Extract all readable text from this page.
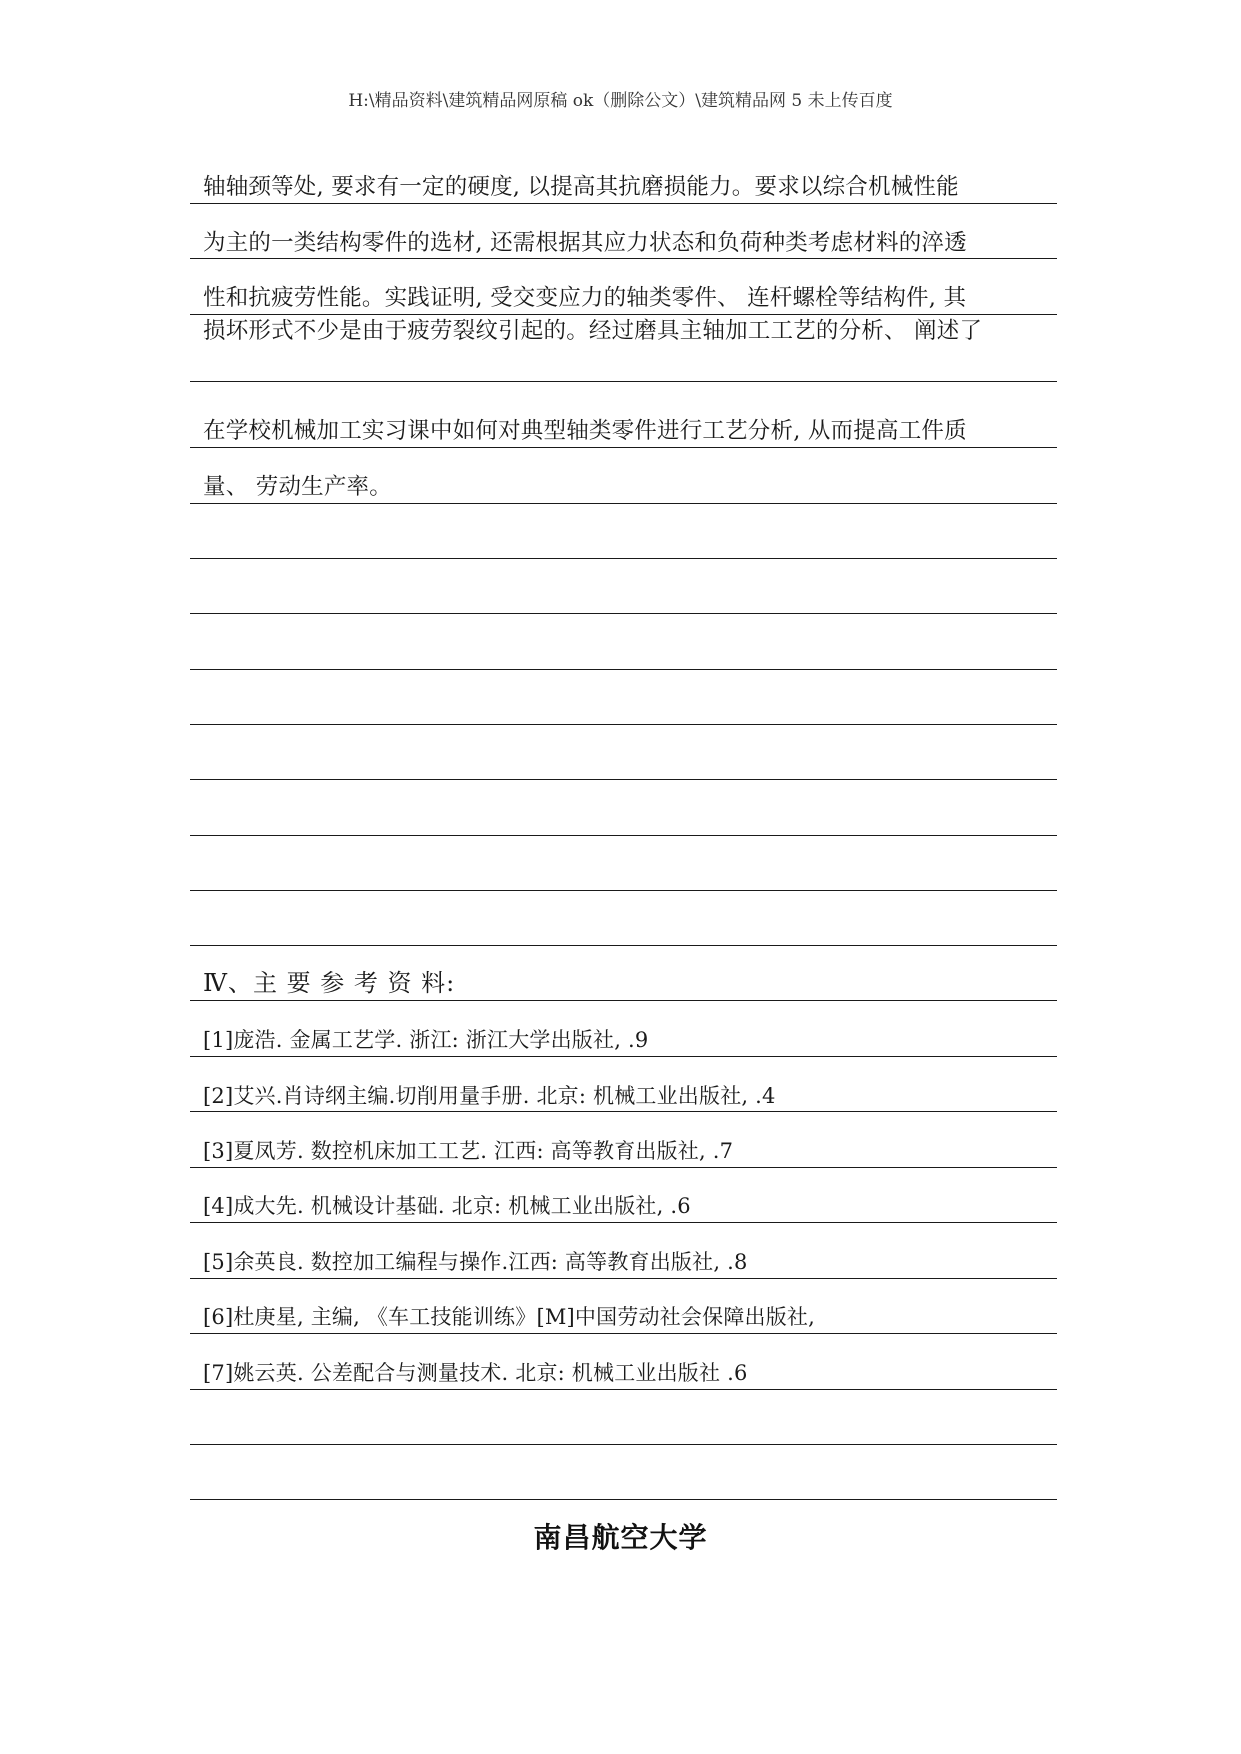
H:\精品资料\建筑精品网原稿 ok（删除公文）\建筑精品网 5 未上传百度
轴轴颈等处, 要求有一定的硬度, 以提高其抗磨损能力。要求以综合机械性能
为主的一类结构零件的选材, 还需根据其应力状态和负荷种类考虑材料的淬透
性和抗疲劳性能。实践证明, 受交变应力的轴类零件、 连杆螺栓等结构件, 其
损坏形式不少是由于疲劳裂纹引起的。经过磨具主轴加工工艺的分析、 阐述了
在学校机械加工实习课中如何对典型轴类零件进行工艺分析, 从而提高工件质
量、 劳动生产率。
Ⅳ、主 要 参 考 资 料:
[1]庞浩. 金属工艺学. 浙江: 浙江大学出版社, .9
[2]艾兴.肖诗纲主编.切削用量手册. 北京: 机械工业出版社, .4
[3]夏凤芳. 数控机床加工工艺. 江西: 高等教育出版社, .7
[4]成大先. 机械设计基础. 北京: 机械工业出版社, .6
[5]余英良. 数控加工编程与操作.江西: 高等教育出版社, .8
[6]杜庚星, 主编, 《车工技能训练》[M]中国劳动社会保障出版社,
[7]姚云英. 公差配合与测量技术. 北京: 机械工业出版社 .6
南昌航空大学
